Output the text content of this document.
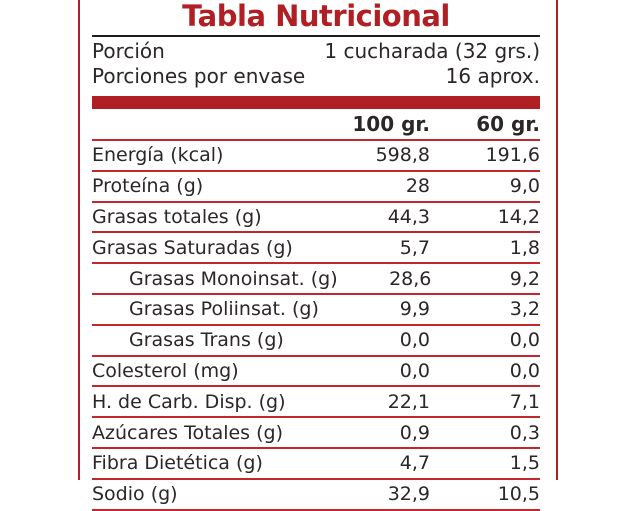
Tabla Nutricional
Porción	1 cucharada (32 grs.)
Porciones por envase	16 aprox.
100 gr.	60 gr.
Energía (kcal)	598,8	191,6
Proteína (g)	28	9,0
Grasas totales (g)	44,3	14,2
Grasas Saturadas (g)	5,7	1,8
Grasas Monoinsat. (g)	28,6	9,2
Grasas Poliinsat. (g)	9,9	3,2
Grasas Trans (g)	0,0	0,0
Colesterol (mg)	0,0	0,0
H. de Carb. Disp. (g)	22,1	7,1
Azúcares Totales (g)	0,9	0,3
Fibra Dietética (g)	4,7	1,5
Sodio (g)	32,9	10,5
